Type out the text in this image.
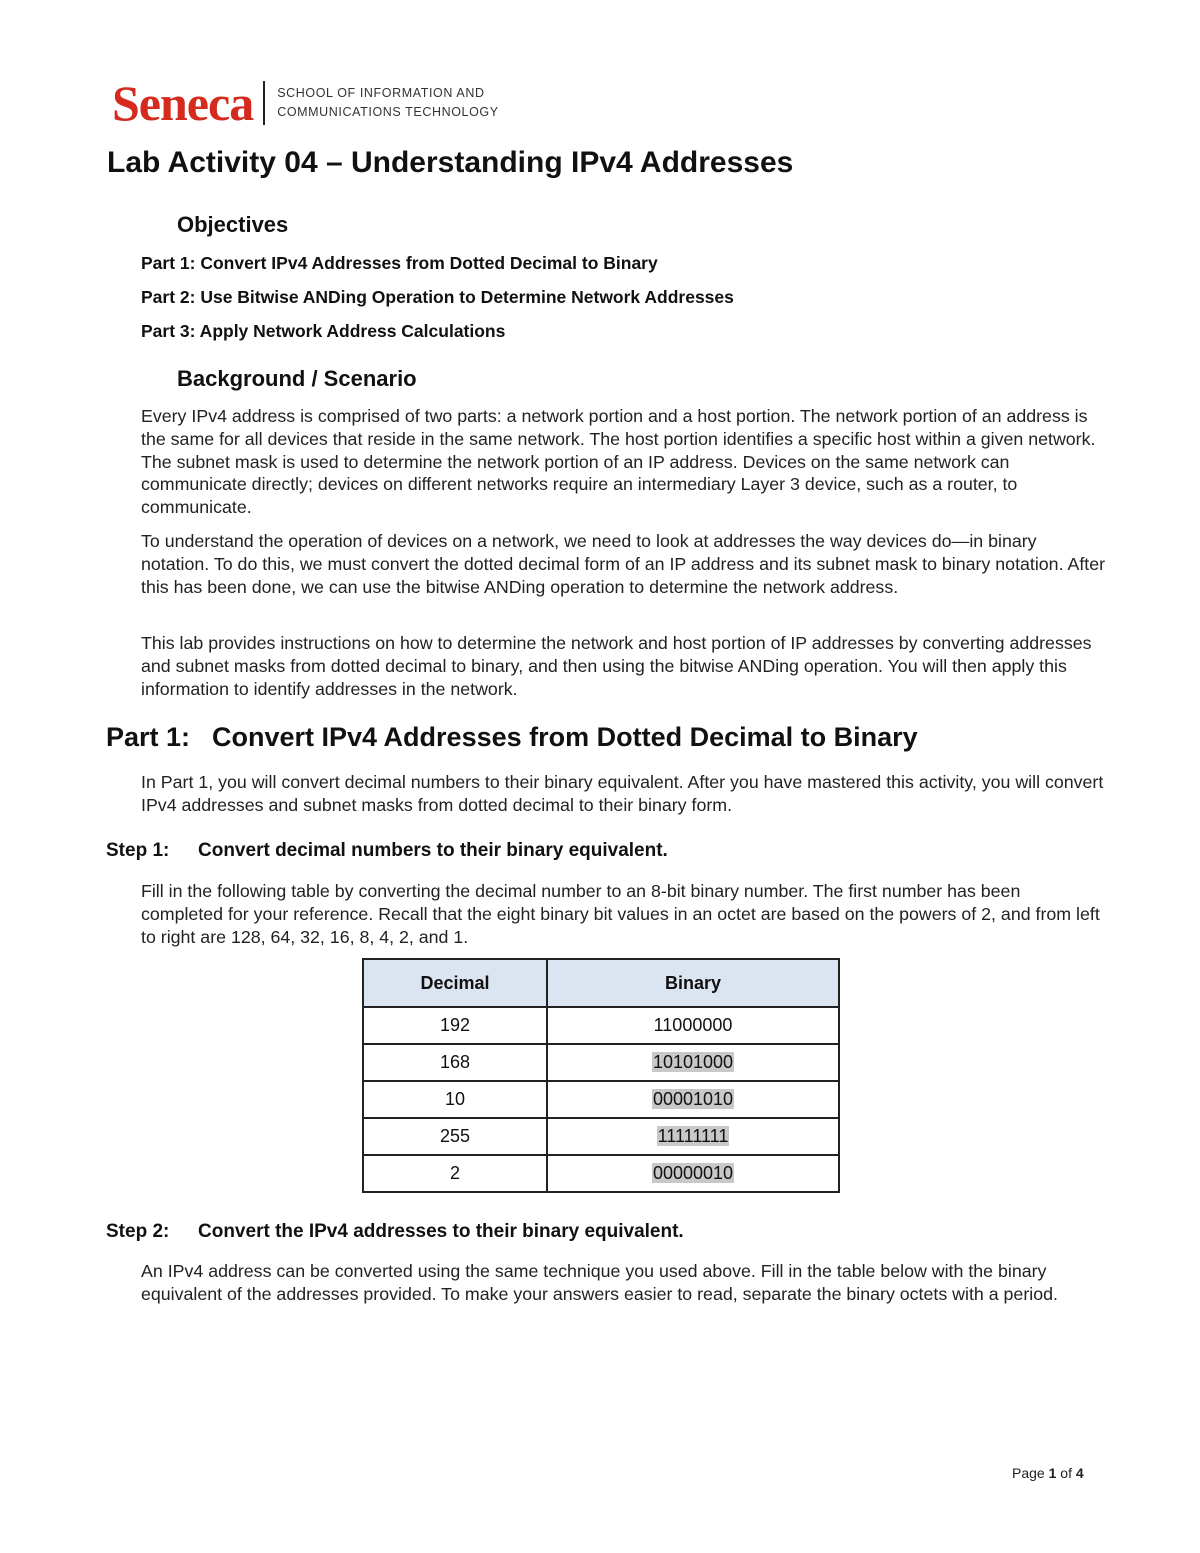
Seneca SCHOOL OF INFORMATION AND
COMMUNICATIONS TECHNOLOGY
Lab Activity 04 – Understanding IPv4 Addresses
Objectives

Part 1: Convert IPv4 Addresses from Dotted Decimal to Binary

Part 2: Use Bitwise ANDing Operation to Determine Network Addresses

Part 3: Apply Network Address Calculations

Background / Scenario

Every IPv4 address is comprised of two parts: a network portion and a host portion. The network portion of an address is the same for all devices that reside in the same network. The host portion identifies a specific host within a given network. The subnet mask is used to determine the network portion of an IP address. Devices on the same network can communicate directly; devices on different networks require an intermediary Layer 3 device, such as a router, to communicate.

To understand the operation of devices on a network, we need to look at addresses the way devices do—in binary notation. To do this, we must convert the dotted decimal form of an IP address and its subnet mask to binary notation. After this has been done, we can use the bitwise ANDing operation to determine the network address.

This lab provides instructions on how to determine the network and host portion of IP addresses by converting addresses and subnet masks from dotted decimal to binary, and then using the bitwise ANDing operation. You will then apply this information to identify addresses in the network.

Part 1: Convert IPv4 Addresses from Dotted Decimal to Binary

In Part 1, you will convert decimal numbers to their binary equivalent. After you have mastered this activity, you will convert IPv4 addresses and subnet masks from dotted decimal to their binary form.

Step 1: Convert decimal numbers to their binary equivalent.

Fill in the following table by converting the decimal number to an 8-bit binary number. The first number has been completed for your reference. Recall that the eight binary bit values in an octet are based on the powers of 2, and from left to right are 128, 64, 32, 16, 8, 4, 2, and 1.

Decimal	Binary
192	11000000
168	10101000
10	00001010
255	11111111
2	00000010
Step 2: Convert the IPv4 addresses to their binary equivalent.

An IPv4 address can be converted using the same technique you used above. Fill in the table below with the binary equivalent of the addresses provided. To make your answers easier to read, separate the binary octets with a period.

Page 1 of 4
